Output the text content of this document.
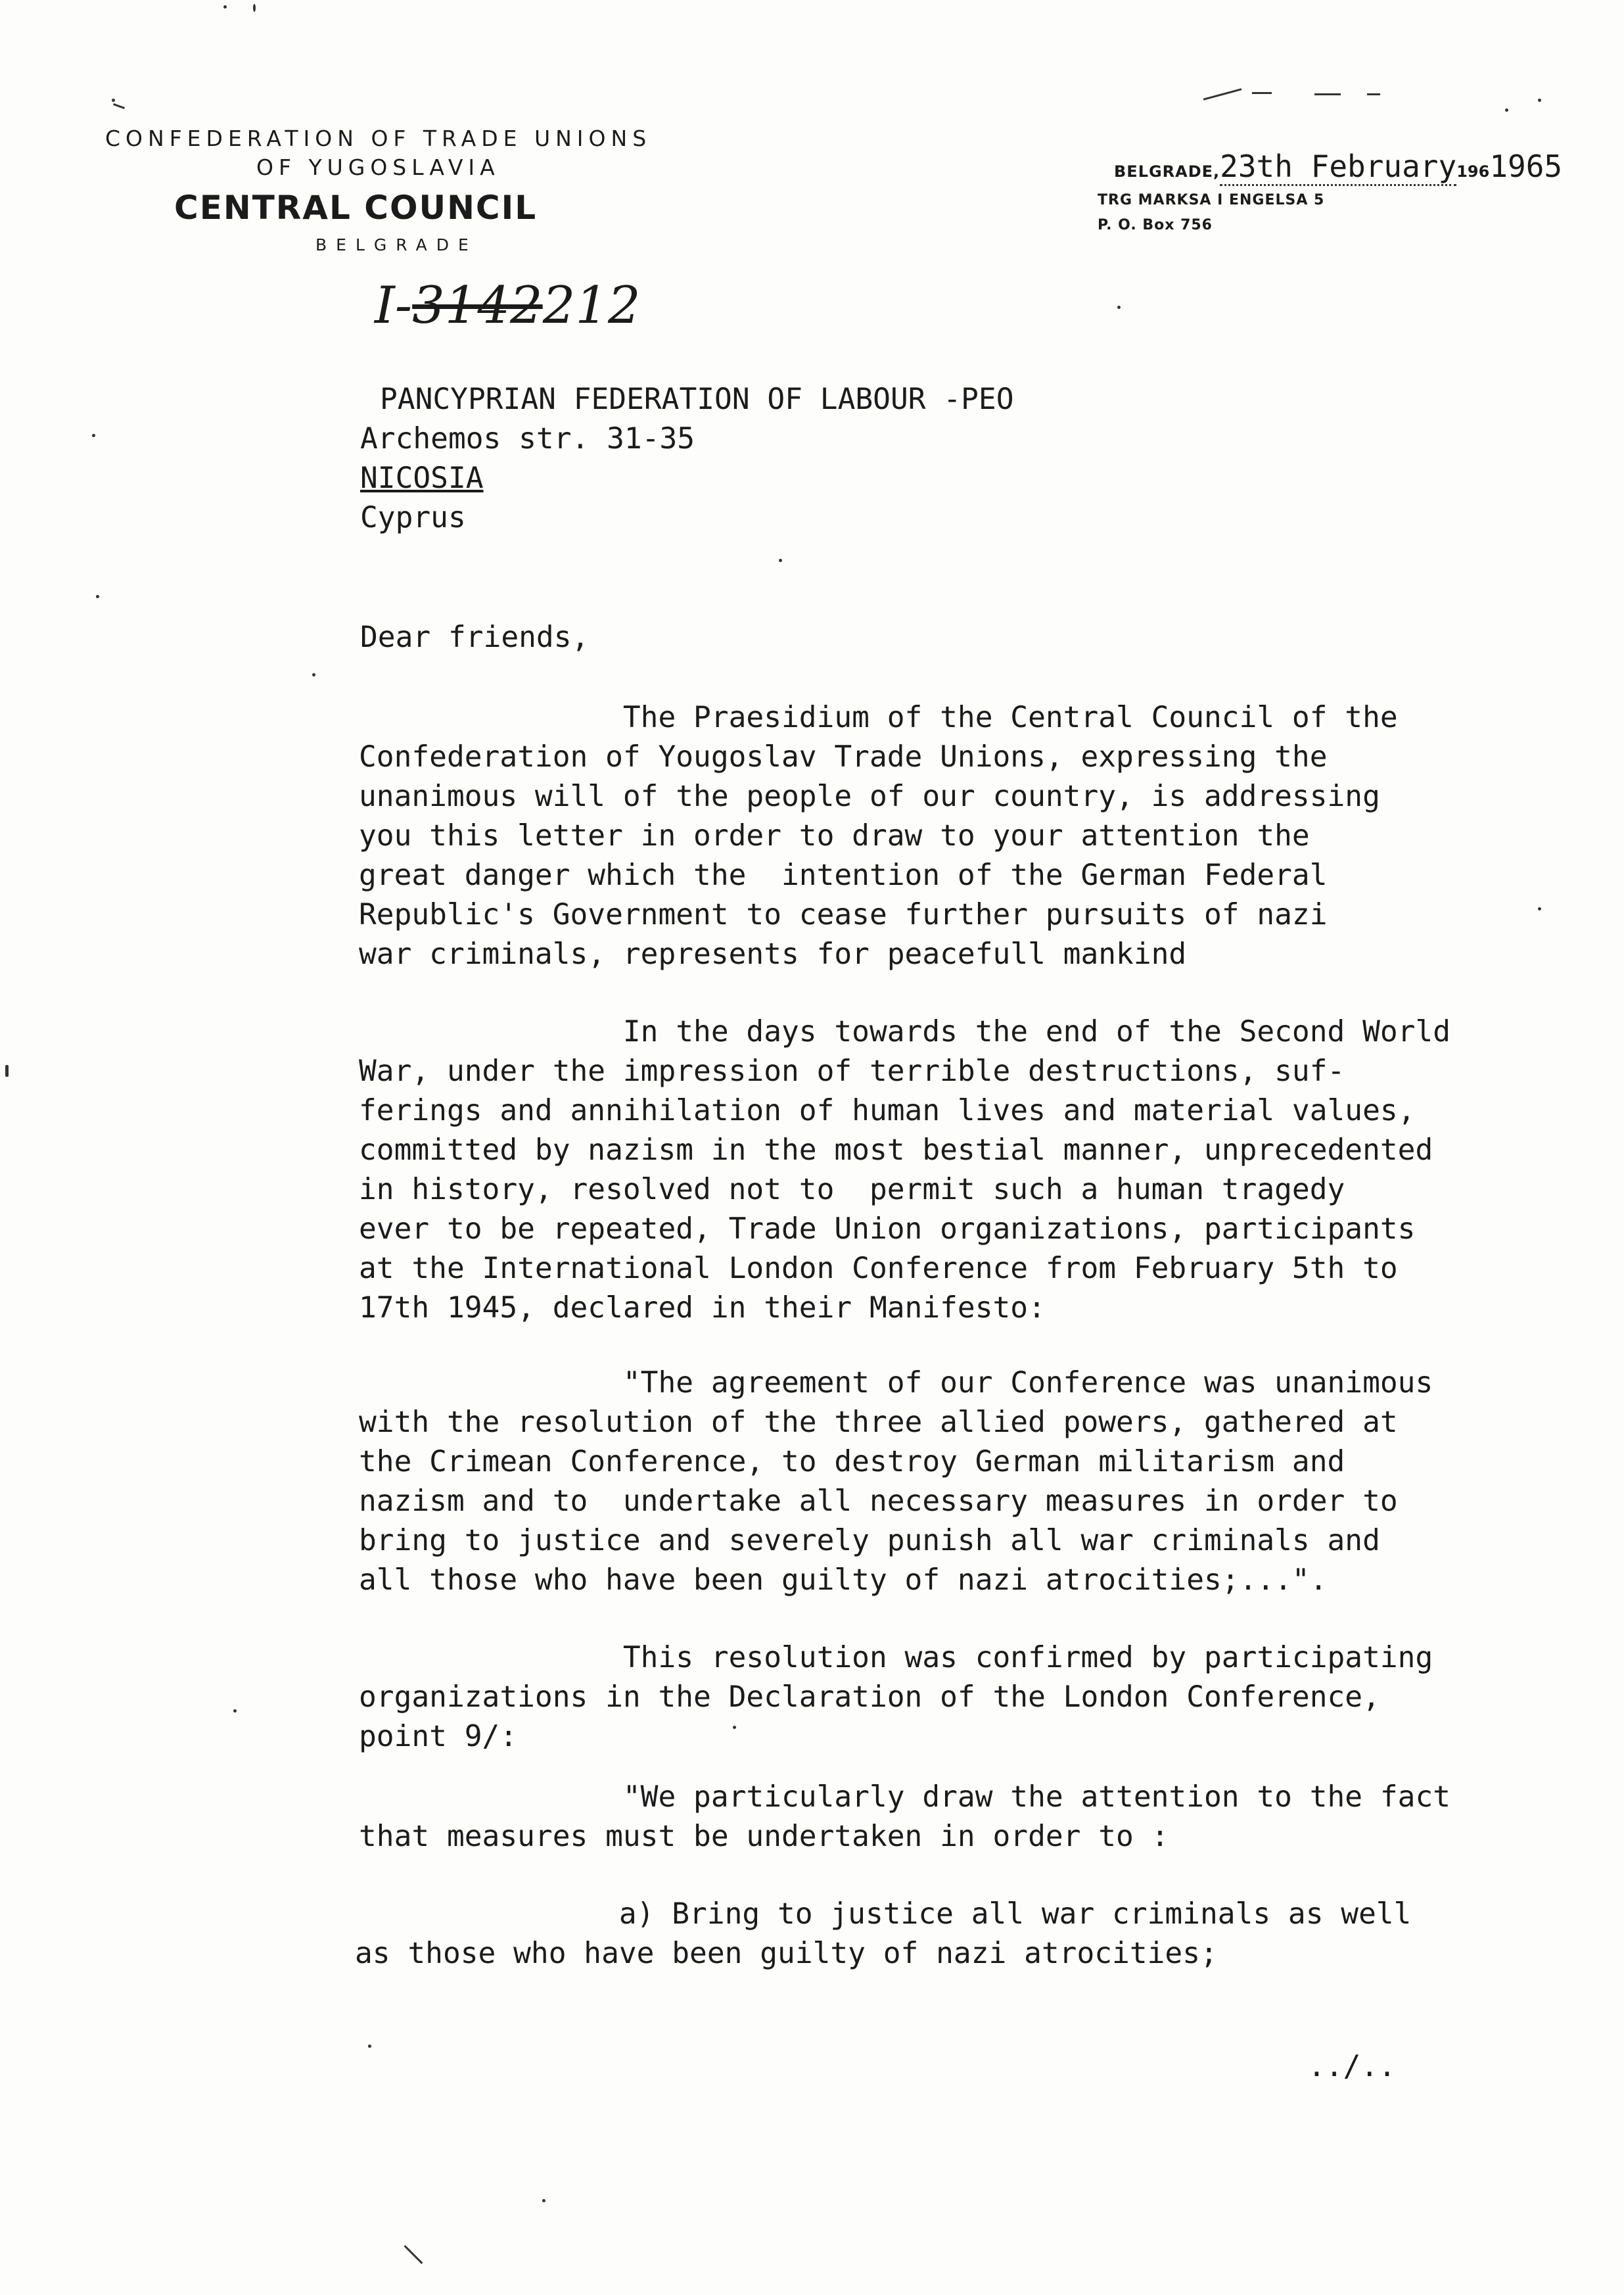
CONFEDERATION OF TRADE UNIONS
OF YUGOSLAVIA
CENTRAL COUNCIL
BELGRADE
BELGRADE,23th February1961965
TRG MARKSA I ENGELSA 5
P. O. Box 756
I-3142212
PANCYPRIAN FEDERATION OF LABOUR -PEO
Archemos str. 31-35
NICOSIA
Cyprus
Dear friends,

The Praesidium of the Central Council of the

Confederation of Yougoslav Trade Unions, expressing the

unanimous will of the people of our country, is addressing

you this letter in order to draw to your attention the

great danger which the  intention of the German Federal

Republic's Government to cease further pursuits of nazi

war criminals, represents for peacefull mankind

In the days towards the end of the Second World

War, under the impression of terrible destructions, suf-

ferings and annihilation of human lives and material values,

committed by nazism in the most bestial manner, unprecedented

in history, resolved not to  permit such a human tragedy

ever to be repeated, Trade Union organizations, participants

at the International London Conference from February 5th to

17th 1945, declared in their Manifesto:

"The agreement of our Conference was unanimous

with the resolution of the three allied powers, gathered at

the Crimean Conference, to destroy German militarism and

nazism and to  undertake all necessary measures in order to

bring to justice and severely punish all war criminals and

all those who have been guilty of nazi atrocities;...".

This resolution was confirmed by participating

organizations in the Declaration of the London Conference,

point 9/:

"We particularly draw the attention to the fact

that measures must be undertaken in order to :

a) Bring to justice all war criminals as well

as those who have been guilty of nazi atrocities;

../..
